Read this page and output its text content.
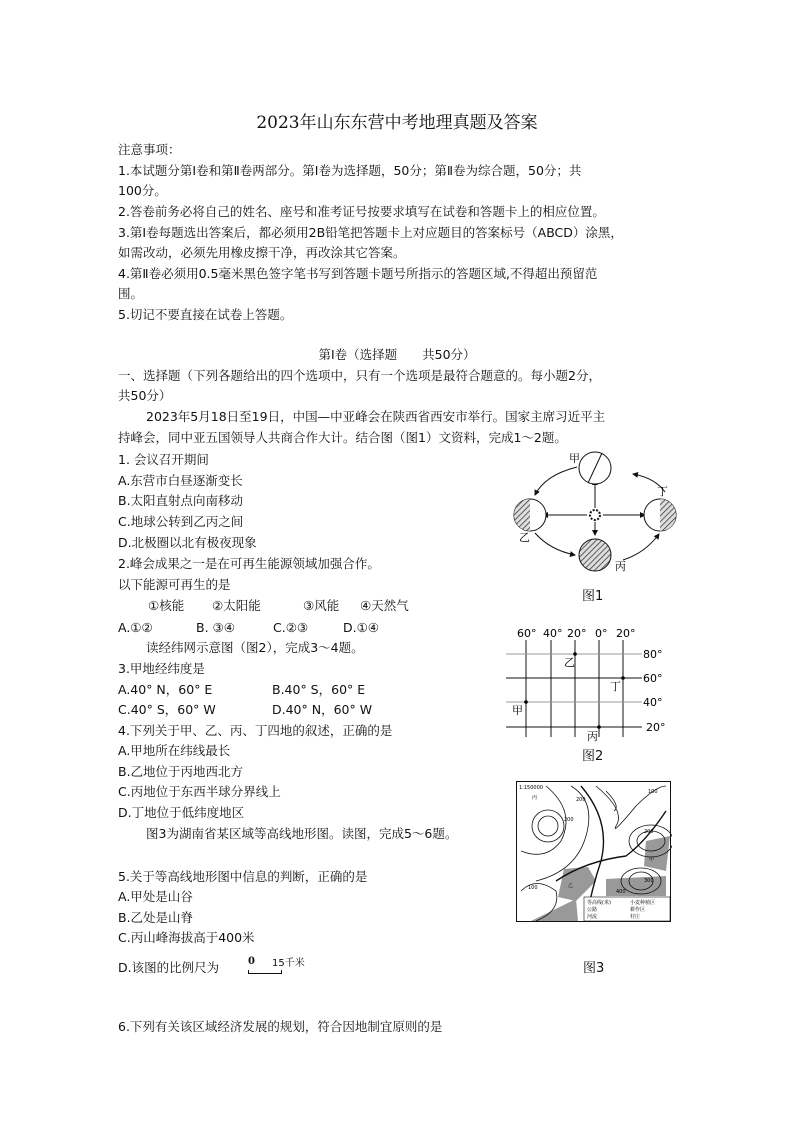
2023年山东东营中考地理真题及答案
注意事项：
1.本试题分第Ⅰ卷和第Ⅱ卷两部分。第Ⅰ卷为选择题，50分；第Ⅱ卷为综合题，50分；共
100分。
2.答卷前务必将自己的姓名、座号和准考证号按要求填写在试卷和答题卡上的相应位置。
3.第Ⅰ卷每题选出答案后，都必须用2B铅笔把答题卡上对应题目的答案标号（ABCD）涂黑，
如需改动，必须先用橡皮擦干净，再改涂其它答案。
4.第Ⅱ卷必须用0.5毫米黑色签字笔书写到答题卡题号所指示的答题区域,不得超出预留范
围。
5.切记不要直接在试卷上答题。
第Ⅰ卷（选择题　　共50分）
一、选择题（下列各题给出的四个选项中，只有一个选项是最符合题意的。每小题2分，
共50分）
2023年5月18日至19日，中国—中亚峰会在陕西省西安市举行。国家主席习近平主
持峰会，同中亚五国领导人共商合作大计。结合图（图1）文资料，完成1～2题。
1. 会议召开期间
A.东营市白昼逐渐变长
B.太阳直射点向南移动
C.地球公转到乙丙之间
D.北极圈以北有极夜现象
2.峰会成果之一是在可再生能源领域加强合作。
以下能源可再生的是
①核能 ②太阳能	③风能 ④天然气
A.①②	B. ③④	C.②③	D.①④
读经纬网示意图（图2），完成3～4题。
3.甲地经纬度是
A.40° N，60° E	B.40° S，60° E
C.40° S，60° W	D.40° N，60° W
4.下列关于甲、乙、丙、丁四地的叙述，正确的是
A.甲地所在纬线最长
B.乙地位于丙地西北方
C.丙地位于东西半球分界线上
D.丁地位于低纬度地区
图3为湖南省某区域等高线地形图。读图，完成5～6题。
5.关于等高线地形图中信息的判断，正确的是
A.甲处是山谷
B.乙处是山脊
C.丙山峰海拔高于400米
D.该图的比例尺为	0 15千米
6.下列有关该区域经济发展的规划，符合因地制宜原则的是
甲
乙
丙
丁
图1
60° 40° 20° 0° 20°
80°
60°
40°
20°
甲
乙
丙
丁
图2
等高线(米)	小麦种植区
公路	耕作区
河流	村庄
1:150000
200
200
100
200
300
400
100
丙
甲
乙
图3
